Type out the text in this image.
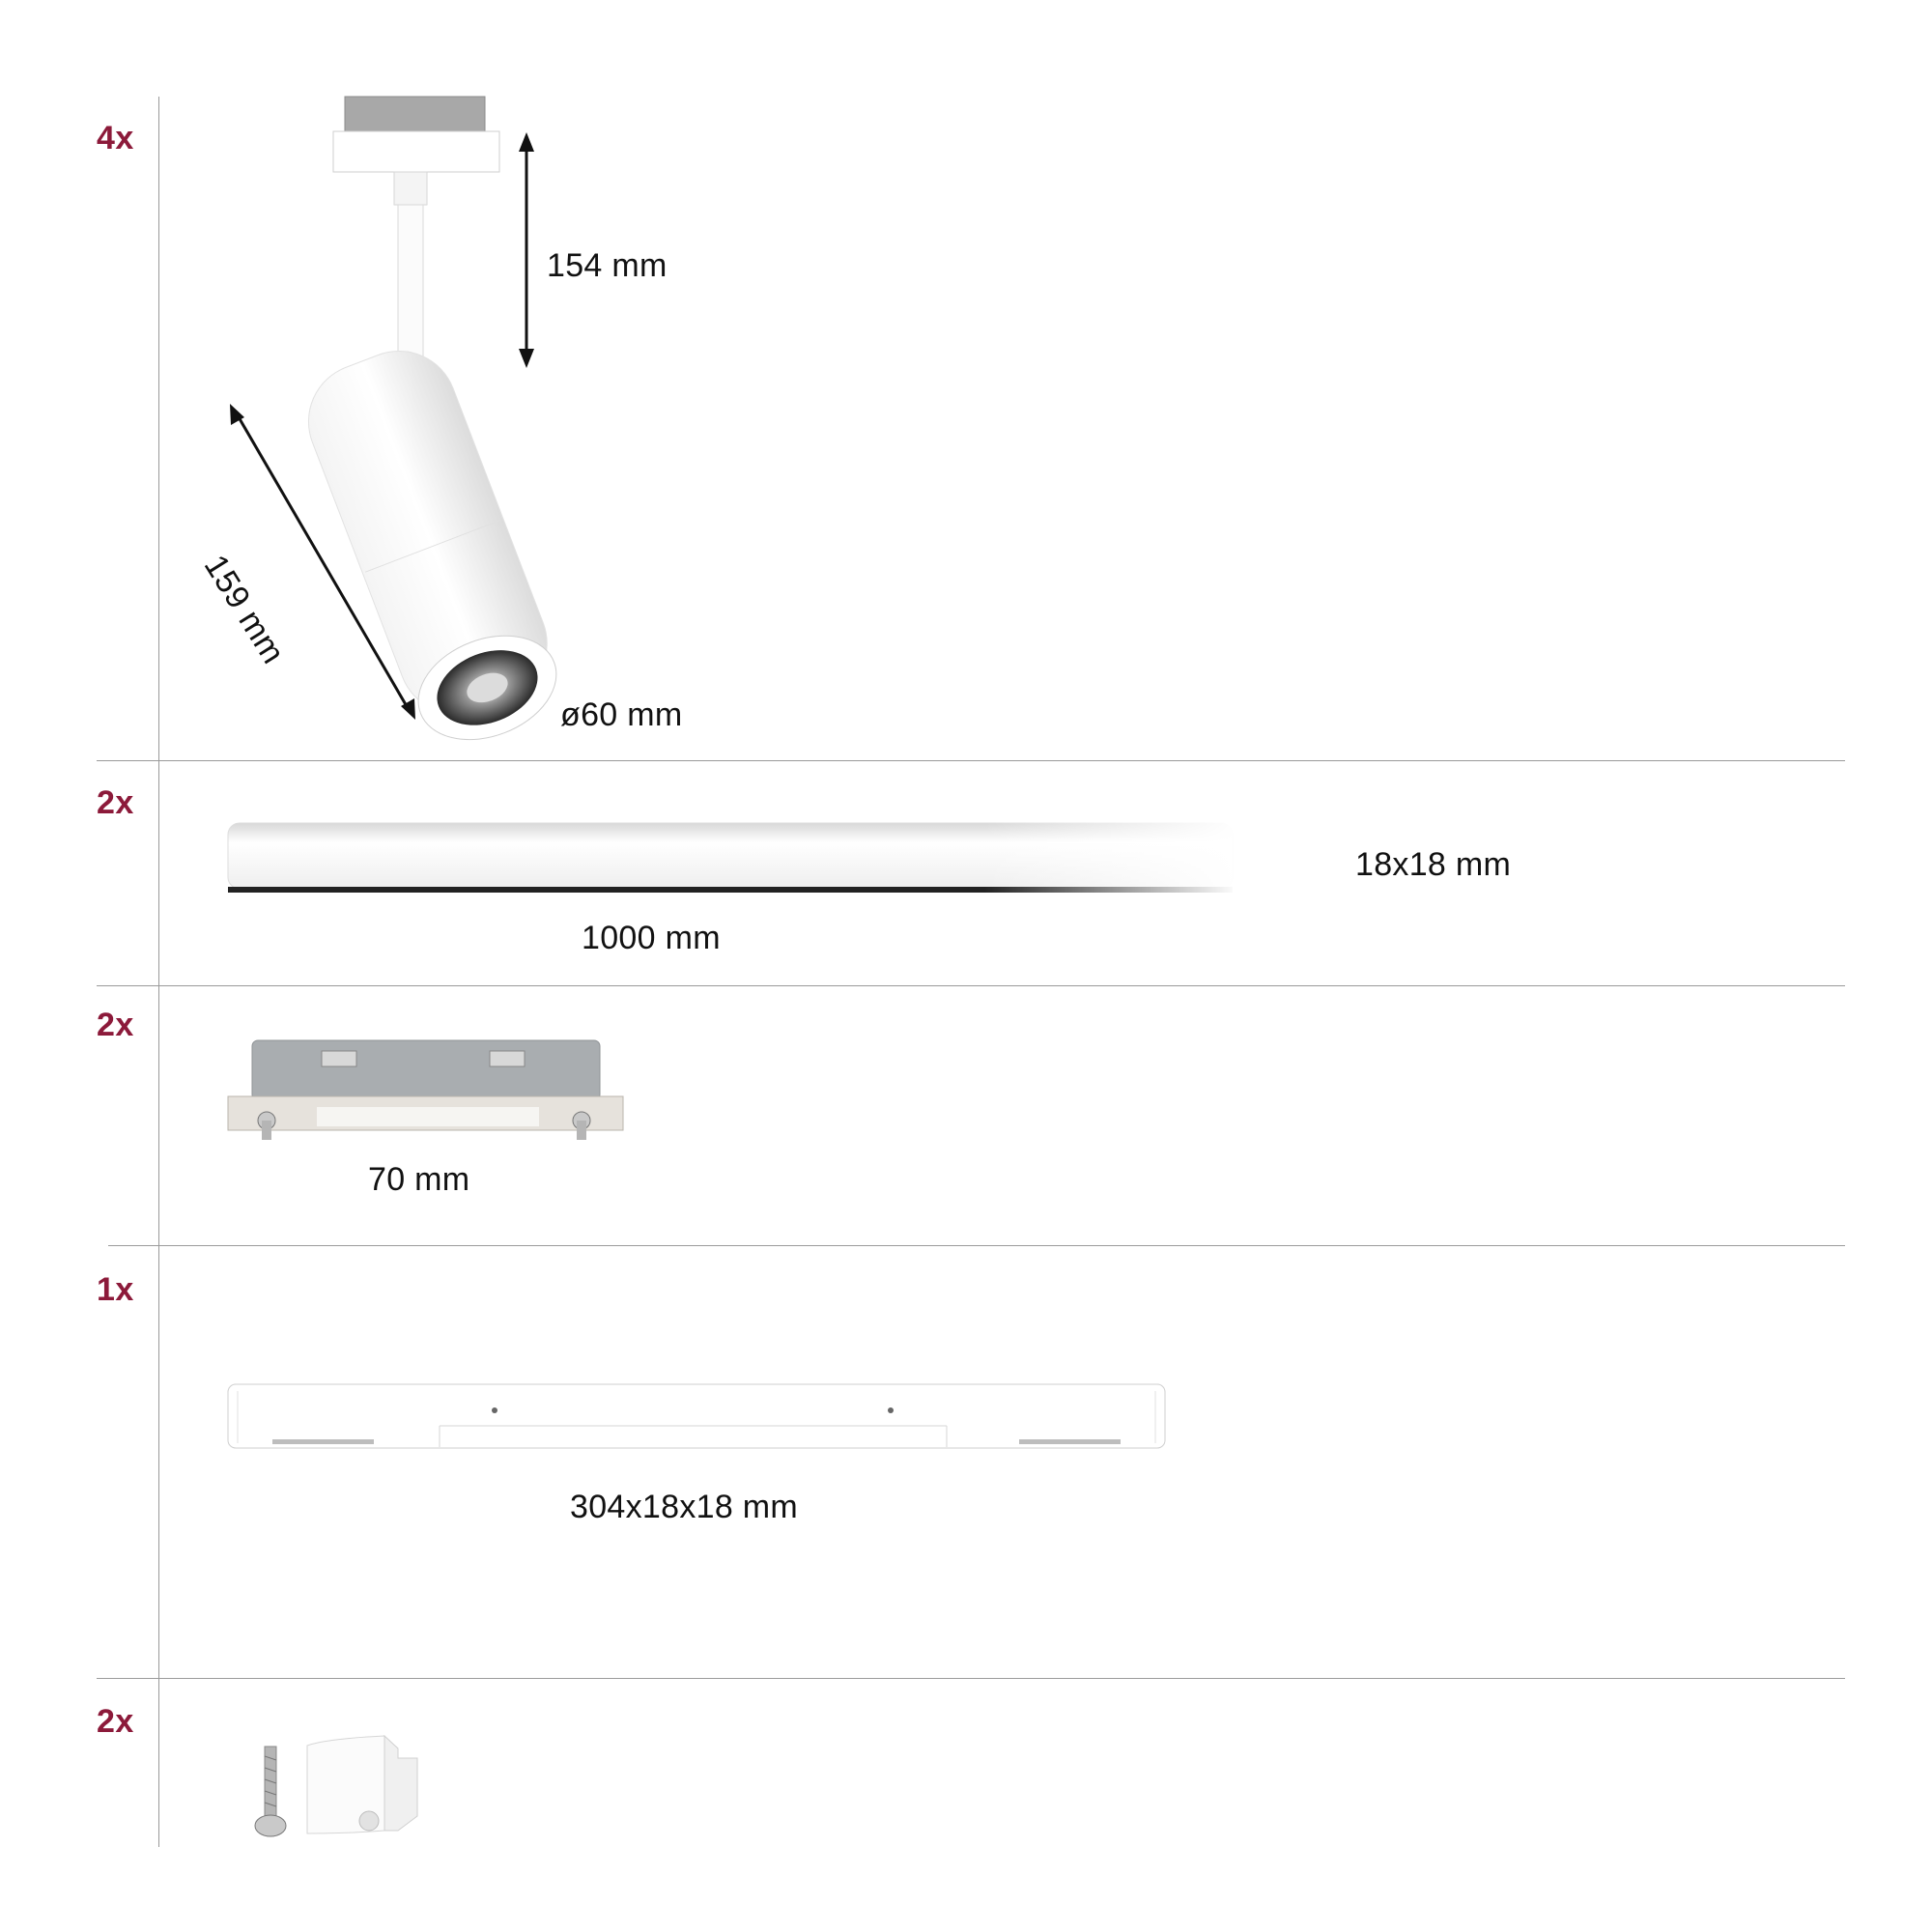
4x
2x
2x
1x
2x
154 mm
159 mm
ø60 mm
1000 mm
18x18 mm
70 mm
304x18x18 mm
